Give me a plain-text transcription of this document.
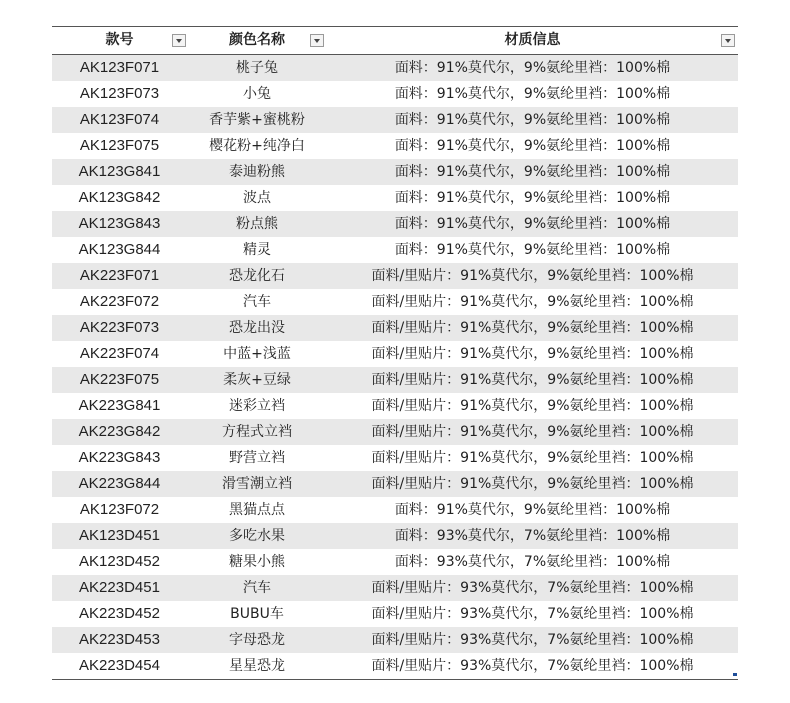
款号	颜色名称	材质信息
AK123F071	桃子兔	面料：91%莫代尔，9%氨纶里裆：100%棉
AK123F073	小兔	面料：91%莫代尔，9%氨纶里裆：100%棉
AK123F074	香芋紫+蜜桃粉	面料：91%莫代尔，9%氨纶里裆：100%棉
AK123F075	樱花粉+纯净白	面料：91%莫代尔，9%氨纶里裆：100%棉
AK123G841	泰迪粉熊	面料：91%莫代尔，9%氨纶里裆：100%棉
AK123G842	波点	面料：91%莫代尔，9%氨纶里裆：100%棉
AK123G843	粉点熊	面料：91%莫代尔，9%氨纶里裆：100%棉
AK123G844	精灵	面料：91%莫代尔，9%氨纶里裆：100%棉
AK223F071	恐龙化石	面料/里贴片：91%莫代尔，9%氨纶里裆：100%棉
AK223F072	汽车	面料/里贴片：91%莫代尔，9%氨纶里裆：100%棉
AK223F073	恐龙出没	面料/里贴片：91%莫代尔，9%氨纶里裆：100%棉
AK223F074	中蓝+浅蓝	面料/里贴片：91%莫代尔，9%氨纶里裆：100%棉
AK223F075	柔灰+豆绿	面料/里贴片：91%莫代尔，9%氨纶里裆：100%棉
AK223G841	迷彩立裆	面料/里贴片：91%莫代尔，9%氨纶里裆：100%棉
AK223G842	方程式立裆	面料/里贴片：91%莫代尔，9%氨纶里裆：100%棉
AK223G843	野营立裆	面料/里贴片：91%莫代尔，9%氨纶里裆：100%棉
AK223G844	滑雪潮立裆	面料/里贴片：91%莫代尔，9%氨纶里裆：100%棉
AK123F072	黑猫点点	面料：91%莫代尔，9%氨纶里裆：100%棉
AK123D451	多吃水果	面料：93%莫代尔，7%氨纶里裆：100%棉
AK123D452	糖果小熊	面料：93%莫代尔，7%氨纶里裆：100%棉
AK223D451	汽车	面料/里贴片：93%莫代尔，7%氨纶里裆：100%棉
AK223D452	BUBU车	面料/里贴片：93%莫代尔，7%氨纶里裆：100%棉
AK223D453	字母恐龙	面料/里贴片：93%莫代尔，7%氨纶里裆：100%棉
AK223D454	星星恐龙	面料/里贴片：93%莫代尔，7%氨纶里裆：100%棉
